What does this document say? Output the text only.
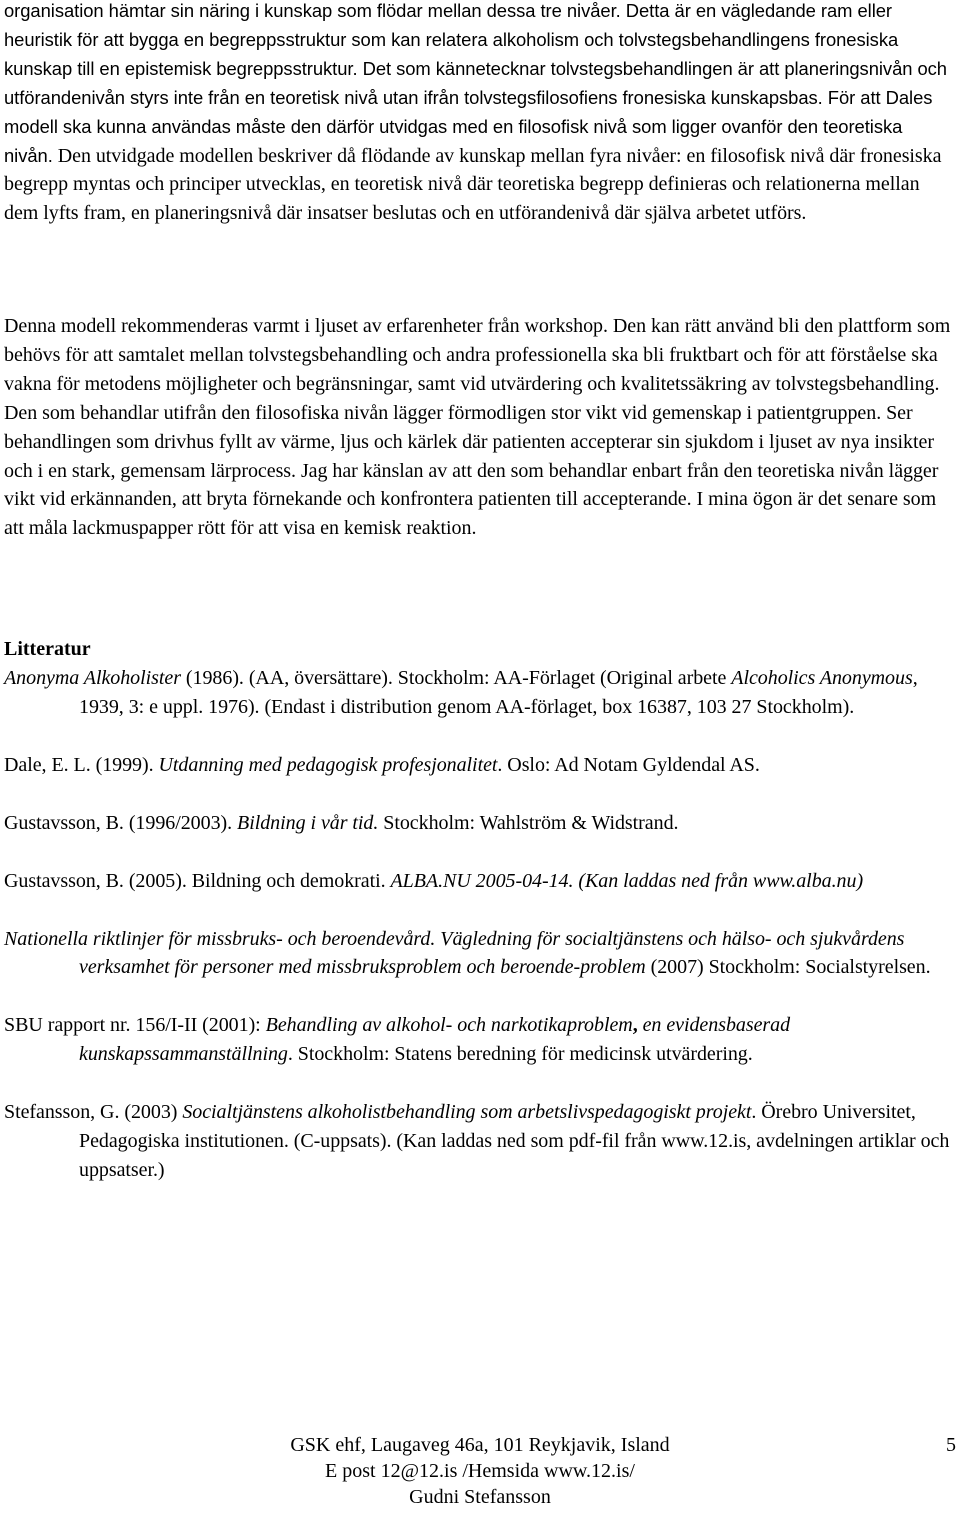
organisation hämtar sin näring i kunskap som flödar mellan dessa tre nivåer. Detta är en vägledande ram eller heuristik för att bygga en begreppsstruktur som kan relatera alkoholism och tolvstegsbehandlingens fronesiska kunskap till en epistemisk begreppsstruktur. Det som kännetecknar tolvstegsbehandlingen är att planeringsnivån och utförandenivån styrs inte från en teoretisk nivå utan ifrån tolvstegsfilosofiens fronesiska kunskapsbas. För att Dales modell ska kunna användas måste den därför utvidgas med en filosofisk nivå som ligger ovanför den teoretiska nivån. Den utvidgade modellen beskriver då flödande av kunskap mellan fyra nivåer: en filosofisk nivå där fronesiska begrepp myntas och principer utvecklas, en teoretisk nivå där teoretiska begrepp definieras och relationerna mellan dem lyfts fram, en planeringsnivå där insatser beslutas och en utförandenivå där själva arbetet utförs.

Denna modell rekommenderas varmt i ljuset av erfarenheter från workshop. Den kan rätt använd bli den plattform som behövs för att samtalet mellan tolvstegsbehandling och andra professionella ska bli fruktbart och för att förståelse ska vakna för metodens möjligheter och begränsningar, samt vid utvärdering och kvalitetssäkring av tolvstegsbehandling. Den som behandlar utifrån den filosofiska nivån lägger förmodligen stor vikt vid gemenskap i patientgruppen. Ser behandlingen som drivhus fyllt av värme, ljus och kärlek där patienten accepterar sin sjukdom i ljuset av nya insikter och i en stark, gemensam lärprocess. Jag har känslan av att den som behandlar enbart från den teoretiska nivån lägger vikt vid erkännanden, att bryta förnekande och konfrontera patienten till accepterande. I mina ögon är det senare som att måla lackmuspapper rött för att visa en kemisk reaktion.

Litteratur

Anonyma Alkoholister (1986). (AA, översättare). Stockholm: AA-Förlaget (Original arbete Alcoholics Anonymous, 1939, 3: e uppl. 1976). (Endast i distribution genom AA-förlaget, box 16387, 103 27 Stockholm).

Dale, E. L. (1999). Utdanning med pedagogisk profesjonalitet. Oslo: Ad Notam Gyldendal AS.

Gustavsson, B. (1996/2003). Bildning i vår tid. Stockholm: Wahlström & Widstrand.

Gustavsson, B. (2005). Bildning och demokrati. ALBA.NU 2005-04-14. (Kan laddas ned från www.alba.nu)

Nationella riktlinjer för missbruks- och beroendevård. Vägledning för socialtjänstens och hälso- och sjukvårdens verksamhet för personer med missbruksproblem och beroende-problem (2007) Stockholm: Socialstyrelsen.

SBU rapport nr. 156/I-II (2001): Behandling av alkohol- och narkotikaproblem, en evidensbaserad kunskapssammanställning. Stockholm: Statens beredning för medicinsk utvärdering.

Stefansson, G. (2003) Socialtjänstens alkoholistbehandling som arbetslivspedagogiskt projekt. Örebro Universitet, Pedagogiska institutionen. (C-uppsats). (Kan laddas ned som pdf-fil från www.12.is, avdelningen artiklar och uppsatser.)

GSK ehf, Laugaveg 46a, 101 Reykjavik, Island
E post 12@12.is /Hemsida www.12.is/
Gudni Stefansson
5
